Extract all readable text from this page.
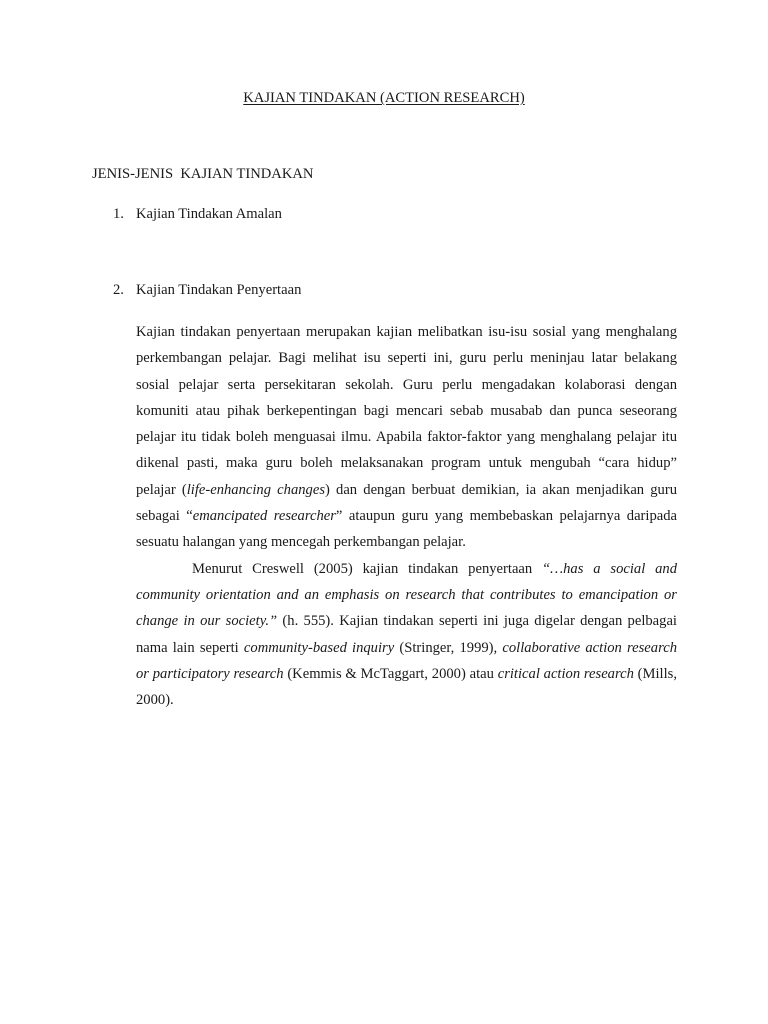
KAJIAN TINDAKAN (ACTION RESEARCH)
JENIS-JENIS  KAJIAN TINDAKAN
1. Kajian Tindakan Amalan
2. Kajian Tindakan Penyertaan

Kajian tindakan penyertaan merupakan kajian melibatkan isu-isu sosial yang menghalang perkembangan pelajar. Bagi melihat isu seperti ini, guru perlu meninjau latar belakang sosial pelajar serta persekitaran sekolah. Guru perlu mengadakan kolaborasi dengan komuniti atau pihak berkepentingan bagi mencari sebab musabab dan punca seseorang pelajar itu tidak boleh menguasai ilmu. Apabila faktor-faktor yang menghalang pelajar itu dikenal pasti, maka guru boleh melaksanakan program untuk mengubah “cara hidup” pelajar (life-enhancing changes) dan dengan berbuat demikian, ia akan menjadikan guru sebagai “emancipated researcher” ataupun guru yang membebaskan pelajarnya daripada sesuatu halangan yang mencegah perkembangan pelajar.

Menurut Creswell (2005) kajian tindakan penyertaan “…has a social and community orientation and an emphasis on research that contributes to emancipation or change in our society.” (h. 555). Kajian tindakan seperti ini juga digelar dengan pelbagai nama lain seperti community-based inquiry (Stringer, 1999), collaborative action research or participatory research (Kemmis & McTaggart, 2000) atau critical action research (Mills, 2000).
